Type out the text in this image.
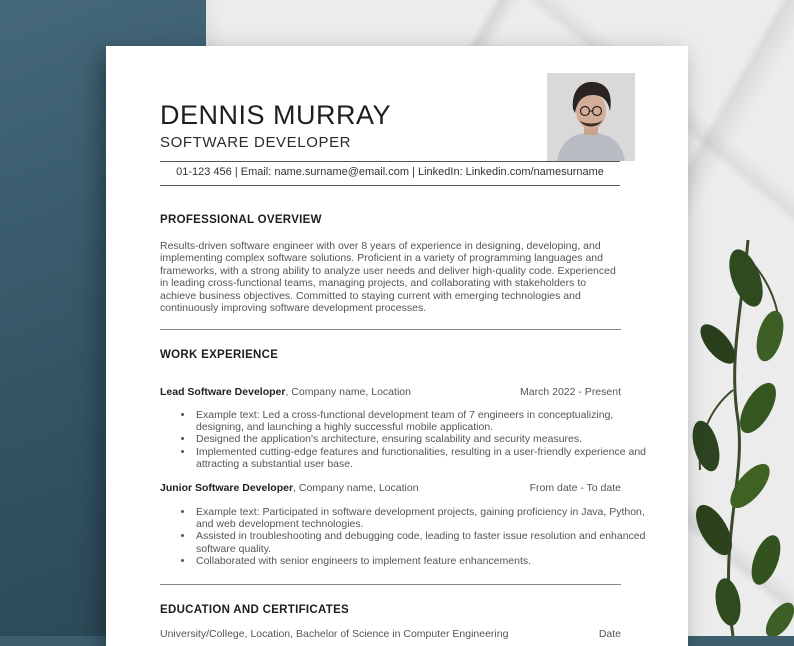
DENNIS MURRAY
SOFTWARE DEVELOPER
01-123 456 | Email: name.surname@email.com | LinkedIn: Linkedin.com/namesurname
PROFESSIONAL OVERVIEW
Results-driven software engineer with over 8 years of experience in designing, developing, and implementing complex software solutions. Proficient in a variety of programming languages and frameworks, with a strong ability to analyze user needs and deliver high-quality code. Experienced in leading cross-functional teams, managing projects, and collaborating with stakeholders to achieve business objectives. Committed to staying current with emerging technologies and continuously improving software development processes.
WORK EXPERIENCE
Lead Software Developer, Company name, Location	March 2022 - Present
• Example text: Led a cross-functional development team of 7 engineers in conceptualizing, designing, and launching a highly successful mobile application.
• Designed the application's architecture, ensuring scalability and security measures.
• Implemented cutting-edge features and functionalities, resulting in a user-friendly experience and attracting a substantial user base.
Junior Software Developer, Company name, Location	From date - To date
• Example text: Participated in software development projects, gaining proficiency in Java, Python, and web development technologies.
• Assisted in troubleshooting and debugging code, leading to faster issue resolution and enhanced software quality.
• Collaborated with senior engineers to implement feature enhancements.
EDUCATION AND CERTIFICATES
University/College, Location, Bachelor of Science in Computer Engineering	Date
